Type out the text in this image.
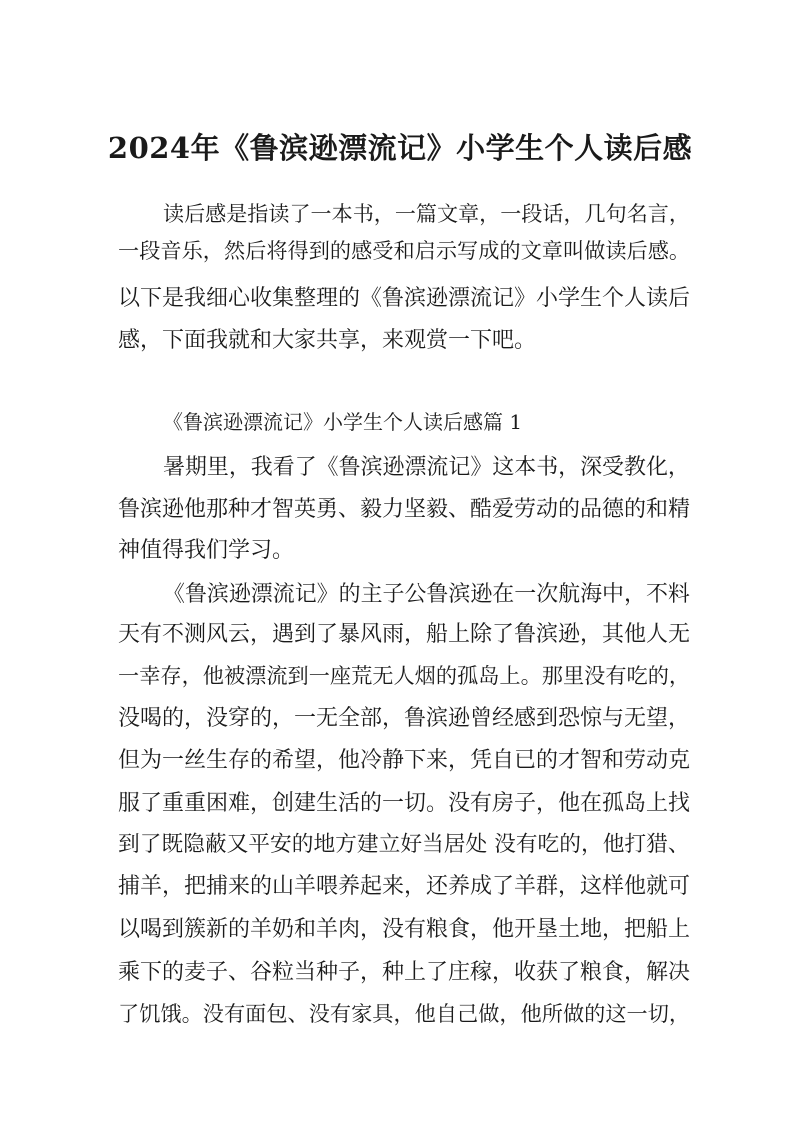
2024年《鲁滨逊漂流记》小学生个人读后感
读后感是指读了一本书，一篇文章，一段话，几句名言，
一段音乐，然后将得到的感受和启示写成的文章叫做读后感。
以下是我细心收集整理的《鲁滨逊漂流记》小学生个人读后
感，下面我就和大家共享，来观赏一下吧。
《鲁滨逊漂流记》小学生个人读后感篇 1
暑期里，我看了《鲁滨逊漂流记》这本书，深受教化，
鲁滨逊他那种才智英勇、毅力坚毅、酷爱劳动的品德的和精
神值得我们学习。
《鲁滨逊漂流记》的主子公鲁滨逊在一次航海中，不料
天有不测风云，遇到了暴风雨，船上除了鲁滨逊，其他人无
一幸存，他被漂流到一座荒无人烟的孤岛上。那里没有吃的，
没喝的，没穿的，一无全部，鲁滨逊曾经感到恐惊与无望，
但为一丝生存的希望，他冷静下来，凭自已的才智和劳动克
服了重重困难，创建生活的一切。没有房子，他在孤岛上找
到了既隐蔽又平安的地方建立好当居处 没有吃的，他打猎、
捕羊，把捕来的山羊喂养起来，还养成了羊群，这样他就可
以喝到簇新的羊奶和羊肉，没有粮食，他开垦土地，把船上
乘下的麦子、谷粒当种子，种上了庄稼，收获了粮食，解决
了饥饿。没有面包、没有家具，他自己做，他所做的这一切，
